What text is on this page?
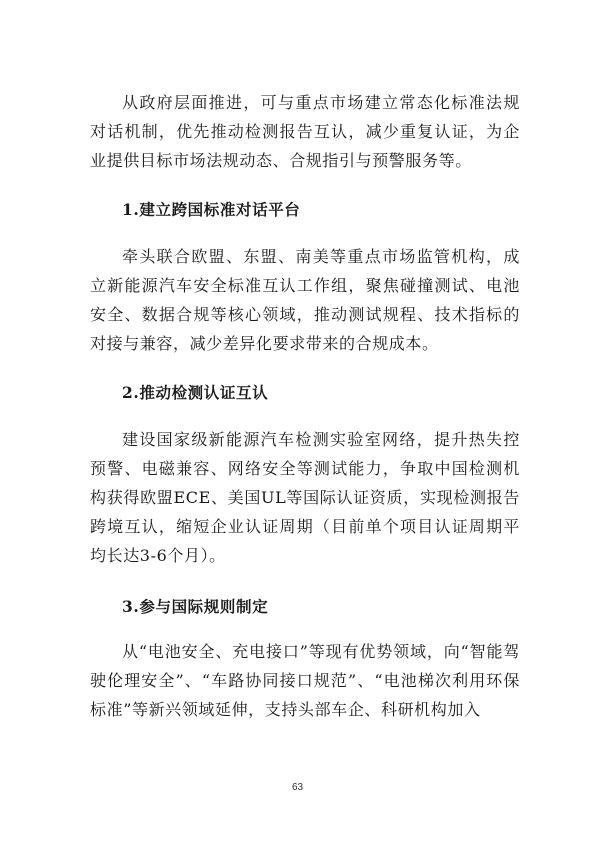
从政府层面推进，可与重点市场建立常态化标准法规对话机制，优先推动检测报告互认，减少重复认证，为企业提供目标市场法规动态、合规指引与预警服务等。

1.建立跨国标准对话平台

牵头联合欧盟、东盟、南美等重点市场监管机构，成立新能源汽车安全标准互认工作组，聚焦碰撞测试、电池安全、数据合规等核心领域，推动测试规程、技术指标的对接与兼容，减少差异化要求带来的合规成本。

2.推动检测认证互认

建设国家级新能源汽车检测实验室网络，提升热失控预警、电磁兼容、网络安全等测试能力，争取中国检测机构获得欧盟ECE、美国UL等国际认证资质，实现检测报告跨境互认，缩短企业认证周期（目前单个项目认证周期平均长达3-6个月）。

3.参与国际规则制定

从“电池安全、充电接口”等现有优势领域，向“智能驾驶伦理安全”、“车路协同接口规范”、“电池梯次利用环保标准”等新兴领域延伸，支持头部车企、科研机构加入

63
